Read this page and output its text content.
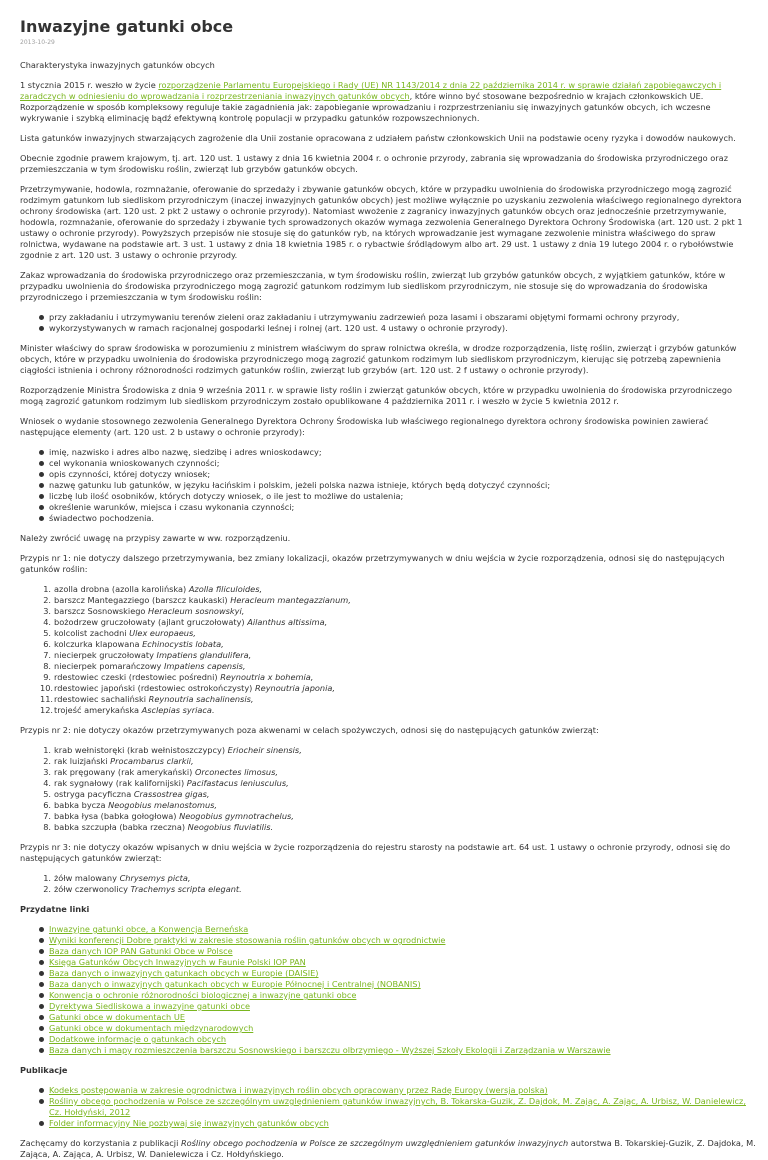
Inwazyjne gatunki obce
2013-10-29

Charakterystyka inwazyjnych gatunków obcych

1 stycznia 2015 r. weszło w życie rozporządzenie Parlamentu Europejskiego i Rady (UE) NR 1143/2014 z dnia 22 października 2014 r. w sprawie działań zapobiegawczych i zaradczych w odniesieniu do wprowadzania i rozprzestrzeniania inwazyjnych gatunków obcych, które winno być stosowane bezpośrednio w krajach członkowskich UE. Rozporządzenie w sposób kompleksowy reguluje takie zagadnienia jak: zapobieganie wprowadzaniu i rozprzestrzenianiu się inwazyjnych gatunków obcych, ich wczesne wykrywanie i szybką eliminację bądź efektywną kontrolę populacji w przypadku gatunków rozpowszechnionych.

Lista gatunków inwazyjnych stwarzających zagrożenie dla Unii zostanie opracowana z udziałem państw członkowskich Unii na podstawie oceny ryzyka i dowodów naukowych.

Obecnie zgodnie prawem krajowym, tj. art. 120 ust. 1 ustawy z dnia 16 kwietnia 2004 r. o ochronie przyrody, zabrania się wprowadzania do środowiska przyrodniczego oraz przemieszczania w tym środowisku roślin, zwierząt lub grzybów gatunków obcych.

Przetrzymywanie, hodowla, rozmnażanie, oferowanie do sprzedaży i zbywanie gatunków obcych, które w przypadku uwolnienia do środowiska przyrodniczego mogą zagrozić rodzimym gatunkom lub siedliskom przyrodniczym (inaczej inwazyjnych gatunków obcych) jest możliwe wyłącznie po uzyskaniu zezwolenia właściwego regionalnego dyrektora ochrony środowiska (art. 120 ust. 2 pkt 2 ustawy o ochronie przyrody). Natomiast wwożenie z zagranicy inwazyjnych gatunków obcych oraz jednocześnie przetrzymywanie, hodowla, rozmnażanie, oferowanie do sprzedaży i zbywanie tych sprowadzonych okazów wymaga zezwolenia Generalnego Dyrektora Ochrony Środowiska (art. 120 ust. 2 pkt 1 ustawy o ochronie przyrody). Powyższych przepisów nie stosuje się do gatunków ryb, na których wprowadzanie jest wymagane zezwolenie ministra właściwego do spraw rolnictwa, wydawane na podstawie art. 3 ust. 1 ustawy z dnia 18 kwietnia 1985 r. o rybactwie śródlądowym albo art. 29 ust. 1 ustawy z dnia 19 lutego 2004 r. o rybołówstwie zgodnie z art. 120 ust. 3 ustawy o ochronie przyrody.

Zakaz wprowadzania do środowiska przyrodniczego oraz przemieszczania, w tym środowisku roślin, zwierząt lub grzybów gatunków obcych, z wyjątkiem gatunków, które w przypadku uwolnienia do środowiska przyrodniczego mogą zagrozić gatunkom rodzimym lub siedliskom przyrodniczym, nie stosuje się do wprowadzania do środowiska przyrodniczego i przemieszczania w tym środowisku roślin:

przy zakładaniu i utrzymywaniu terenów zieleni oraz zakładaniu i utrzymywaniu zadrzewień poza lasami i obszarami objętymi formami ochrony przyrody,
wykorzystywanych w ramach racjonalnej gospodarki leśnej i rolnej (art. 120 ust. 4 ustawy o ochronie przyrody).

Minister właściwy do spraw środowiska w porozumieniu z ministrem właściwym do spraw rolnictwa określa, w drodze rozporządzenia, listę roślin, zwierząt i grzybów gatunków obcych, które w przypadku uwolnienia do środowiska przyrodniczego mogą zagrozić gatunkom rodzimym lub siedliskom przyrodniczym, kierując się potrzebą zapewnienia ciągłości istnienia i ochrony różnorodności rodzimych gatunków roślin, zwierząt lub grzybów (art. 120 ust. 2 f ustawy o ochronie przyrody).

Rozporządzenie Ministra Środowiska z dnia 9 września 2011 r. w sprawie listy roślin i zwierząt gatunków obcych, które w przypadku uwolnienia do środowiska przyrodniczego mogą zagrozić gatunkom rodzimym lub siedliskom przyrodniczym zostało opublikowane 4 października 2011 r. i weszło w życie 5 kwietnia 2012 r.

Wniosek o wydanie stosownego zezwolenia Generalnego Dyrektora Ochrony Środowiska lub właściwego regionalnego dyrektora ochrony środowiska powinien zawierać następujące elementy (art. 120 ust. 2 b ustawy o ochronie przyrody):

imię, nazwisko i adres albo nazwę, siedzibę i adres wnioskodawcy;
cel wykonania wnioskowanych czynności;
opis czynności, której dotyczy wniosek;
nazwę gatunku lub gatunków, w języku łacińskim i polskim, jeżeli polska nazwa istnieje, których będą dotyczyć czynności;
liczbę lub ilość osobników, których dotyczy wniosek, o ile jest to możliwe do ustalenia;
określenie warunków, miejsca i czasu wykonania czynności;
świadectwo pochodzenia.

Należy zwrócić uwagę na przypisy zawarte w ww. rozporządzeniu.

Przypis nr 1: nie dotyczy dalszego przetrzymywania, bez zmiany lokalizacji, okazów przetrzymywanych w dniu wejścia w życie rozporządzenia, odnosi się do następujących gatunków roślin:

1. azolla drobna (azolla karolińska) Azolla filiculoides,
2. barszcz Mantegazziego (barszcz kaukaski) Heracleum mantegazzianum,
3. barszcz Sosnowskiego Heracleum sosnowskyi,
4. bożodrzew gruczołowaty (ajlant gruczołowaty) Ailanthus altissima,
5. kolcolist zachodni Ulex europaeus,
6. kolczurka klapowana Echinocystis lobata,
7. niecierpek gruczołowaty Impatiens glandulifera,
8. niecierpek pomarańczowy Impatiens capensis,
9. rdestowiec czeski (rdestowiec pośredni) Reynoutria x bohemia,
10. rdestowiec japoński (rdestowiec ostrokończysty) Reynoutria japonia,
11. rdestowiec sachaliński Reynoutria sachalinensis,
12. trojeść amerykańska Asclepias syriaca.

Przypis nr 2: nie dotyczy okazów przetrzymywanych poza akwenami w celach spożywczych, odnosi się do następujących gatunków zwierząt:

1. krab wełnistoręki (krab wełnistoszczypcy) Eriocheir sinensis,
2. rak luizjański Procambarus clarkii,
3. rak pręgowany (rak amerykański) Orconectes limosus,
4. rak sygnałowy (rak kalifornijski) Pacifastacus leniusculus,
5. ostryga pacyficzna Crassostrea gigas,
6. babka bycza Neogobius melanostomus,
7. babka łysa (babka gołogłowa) Neogobius gymnotrachelus,
8. babka szczupła (babka rzeczna) Neogobius fluviatilis.

Przypis nr 3: nie dotyczy okazów wpisanych w dniu wejścia w życie rozporządzenia do rejestru starosty na podstawie art. 64 ust. 1 ustawy o ochronie przyrody, odnosi się do następujących gatunków zwierząt:

1. żółw malowany Chrysemys picta,
2. żółw czerwonolicy Trachemys scripta elegant.
Przydatne linki
Inwazyjne gatunki obce, a Konwencja Berneńska
Wyniki konferencji Dobre praktyki w zakresie stosowania roślin gatunków obcych w ogrodnictwie
Baza danych IOP PAN Gatunki Obce w Polsce
Księga Gatunków Obcych Inwazyjnych w Faunie Polski IOP PAN
Baza danych o inwazyjnych gatunkach obcych w Europie (DAISIE)
Baza danych o inwazyjnych gatunkach obcych w Europie Północnej i Centralnej (NOBANIS)
Konwencja o ochronie różnorodności biologicznej a inwazyjne gatunki obce
Dyrektywa Siedliskowa a inwazyjne gatunki obce
Gatunki obce w dokumentach UE
Gatunki obce w dokumentach międzynarodowych
Dodatkowe informacje o gatunkach obcych
Baza danych i mapy rozmieszczenia barszczu Sosnowskiego i barszczu olbrzymiego - Wyższej Szkoły Ekologii i Zarządzania w Warszawie
Publikacje
Kodeks postępowania w zakresie ogrodnictwa i inwazyjnych roślin obcych opracowany przez Radę Europy (wersja polska)
Rośliny obcego pochodzenia w Polsce ze szczególnym uwzględnieniem gatunków inwazyjnych, B. Tokarska-Guzik, Z. Dajdok, M. Zając, A. Zając, A. Urbisz, W. Danielewicz, Cz. Hołdyński, 2012
Folder informacyjny Nie pozbywaj się inwazyjnych gatunków obcych

Zachęcamy do korzystania z publikacji Rośliny obcego pochodzenia w Polsce ze szczególnym uwzględnieniem gatunków inwazyjnych autorstwa B. Tokarskiej-Guzik, Z. Dajdoka, M. Zająca, A. Zająca, A. Urbisz, W. Danielewicza i Cz. Hołdyńskiego.
